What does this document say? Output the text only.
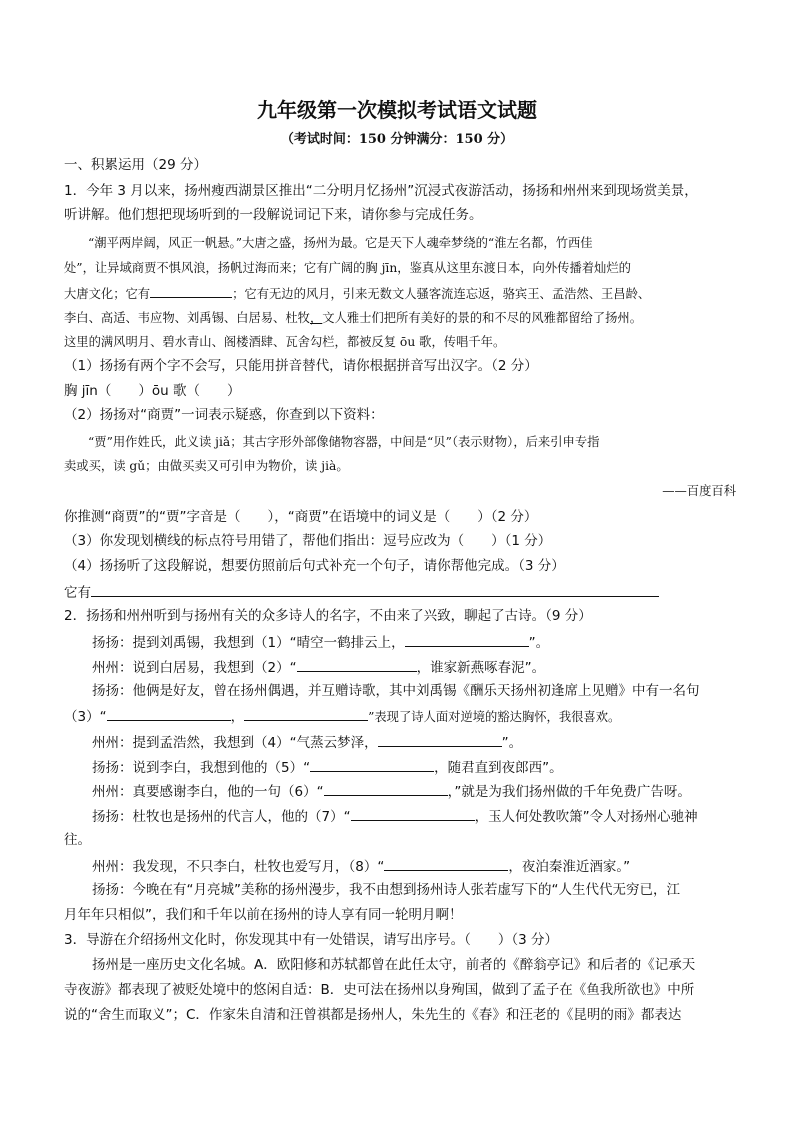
九年级第一次模拟考试语文试题
（考试时间：150 分钟满分：150 分）
一、积累运用（29 分）
1．今年 3 月以来，扬州瘦西湖景区推出“二分明月忆扬州”沉浸式夜游活动，扬扬和州州来到现场赏美景，
听讲解。他们想把现场听到的一段解说词记下来，请你参与完成任务。
“潮平两岸阔，风正一帆悬。”大唐之盛，扬州为最。它是天下人魂牵梦绕的“淮左名都，竹西佳
处”，让异域商贾不惧风浪，扬帆过海而来；它有广阔的胸 jīn，鉴真从这里东渡日本，向外传播着灿烂的
大唐文化；它有	；它有无边的风月，引来无数文人骚客流连忘返，骆宾王、孟浩然、王昌龄、
李白、高适、韦应物、刘禹锡、白居易、杜牧，文人雅士们把所有美好的景的和不尽的风雅都留给了扬州。
这里的满风明月、碧水青山、阁楼酒肆、瓦舍勾栏，都被反复 ōu 歌，传唱千年。
（1）扬扬有两个字不会写，只能用拼音替代，请你根据拼音写出汉字。（2 分）
胸 jīn（　　）ōu 歌（　　）
（2）扬扬对“商贾”一词表示疑惑，你查到以下资料：
“贾”用作姓氏，此义读 jiǎ；其古字形外部像储物容器，中间是“贝”（表示财物），后来引申专指
卖或买，读 gǔ；由做买卖又可引申为物价，读 jià。
——百度百科
你推测“商贾”的“贾”字音是（　　），“商贾”在语境中的词义是（　　）（2 分）
（3）你发现划横线的标点符号用错了，帮他们指出：逗号应改为（　　）（1 分）
（4）扬扬听了这段解说，想要仿照前后句式补充一个句子，请你帮他完成。（3 分）
它有
2．扬扬和州州听到与扬州有关的众多诗人的名字，不由来了兴致，聊起了古诗。（9 分）
扬扬：提到刘禹锡，我想到（1）“晴空一鹤排云上，	”。
州州：说到白居易，我想到（2）“	，谁家新燕啄春泥”。
扬扬：他俩是好友，曾在扬州偶遇，并互赠诗歌，其中刘禹锡《酬乐天扬州初逢席上见赠》中有一名句
（3）“	，	”表现了诗人面对逆境的豁达胸怀，我很喜欢。
州州：提到孟浩然，我想到（4）“气蒸云梦泽，	”。
扬扬：说到李白，我想到他的（5）“	，随君直到夜郎西”。
州州：真要感谢李白，他的一句（6）“	，”就是为我们扬州做的千年免费广告呀。
扬扬：杜牧也是扬州的代言人，他的（7）“	，玉人何处教吹箫”令人对扬州心驰神
往。
州州：我发现，不只李白，杜牧也爱写月，（8）“	，夜泊秦淮近酒家。”
扬扬：今晚在有“月亮城”美称的扬州漫步，我不由想到扬州诗人张若虚写下的“人生代代无穷已，江
月年年只相似”，我们和千年以前在扬州的诗人享有同一轮明月啊！
3．导游在介绍扬州文化时，你发现其中有一处错误，请写出序号。（　　）（3 分）
扬州是一座历史文化名城。A．欧阳修和苏轼都曾在此任太守，前者的《醉翁亭记》和后者的《记承天
寺夜游》都表现了被贬处境中的悠闲自适：B．史可法在扬州以身殉国，做到了孟子在《鱼我所欲也》中所
说的“舍生而取义”；C．作家朱自清和汪曾祺都是扬州人，朱先生的《春》和汪老的《昆明的雨》都表达
